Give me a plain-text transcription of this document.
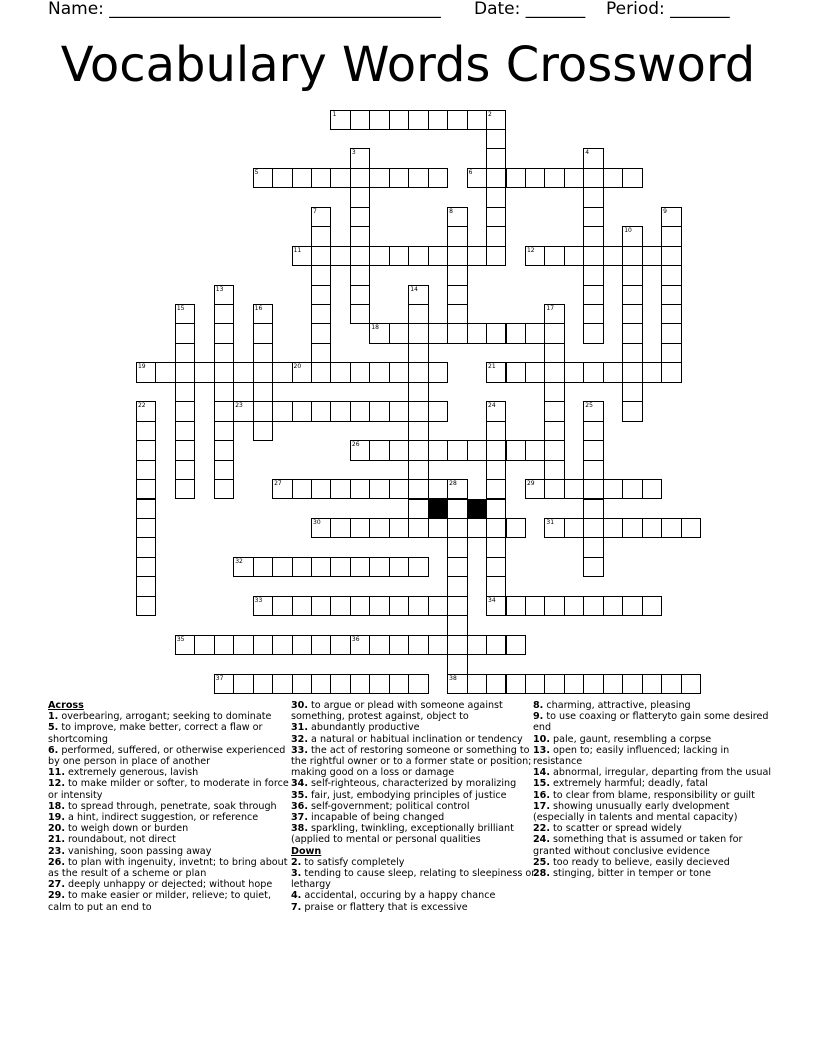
Name: _______________________________________ Date: _______ Period: _______
Vocabulary Words Crossword
1	2
3	4
5	6
7	8	9
10
11	12
13	14
15	16	17
18
19	20	21
22	23	24	25
26
27	28	29
30	31
32
33	34
35	36
37	38
Across
1. overbearing, arrogant; seeking to dominate
5. to improve, make better, correct a flaw or shortcoming
6. performed, suffered, or otherwise experienced by one person in place of another
11. extremely generous, lavish
12. to make milder or softer, to moderate in force or intensity
18. to spread through, penetrate, soak through
19. a hint, indirect suggestion, or reference
20. to weigh down or burden
21. roundabout, not direct
23. vanishing, soon passing away
26. to plan with ingenuity, invetnt; to bring about as the result of a scheme or plan
27. deeply unhappy or dejected; without hope
29. to make easier or milder, relieve; to quiet, calm to put an end to
30. to argue or plead with someone against something, protest against, object to
31. abundantly productive
32. a natural or habitual inclination or tendency
33. the act of restoring someone or something to the rightful owner or to a former state or position; making good on a loss or damage
34. self-righteous, characterized by moralizing
35. fair, just, embodying principles of justice
36. self-government; political control
37. incapable of being changed
38. sparkling, twinkling, exceptionally brilliant (applied to mental or personal qualities
Down
2. to satisfy completely
3. tending to cause sleep, relating to sleepiness or lethargy
4. accidental, occuring by a happy chance
7. praise or flattery that is excessive
8. charming, attractive, pleasing
9. to use coaxing or flatteryto gain some desired end
10. pale, gaunt, resembling a corpse
13. open to; easily influenced; lacking in resistance
14. abnormal, irregular, departing from the usual
15. extremely harmful; deadly, fatal
16. to clear from blame, responsibility or guilt
17. showing unusually early dvelopment (especially in talents and mental capacity)
22. to scatter or spread widely
24. something that is assumed or taken for granted without conclusive evidence
25. too ready to believe, easily decieved
28. stinging, bitter in temper or tone
